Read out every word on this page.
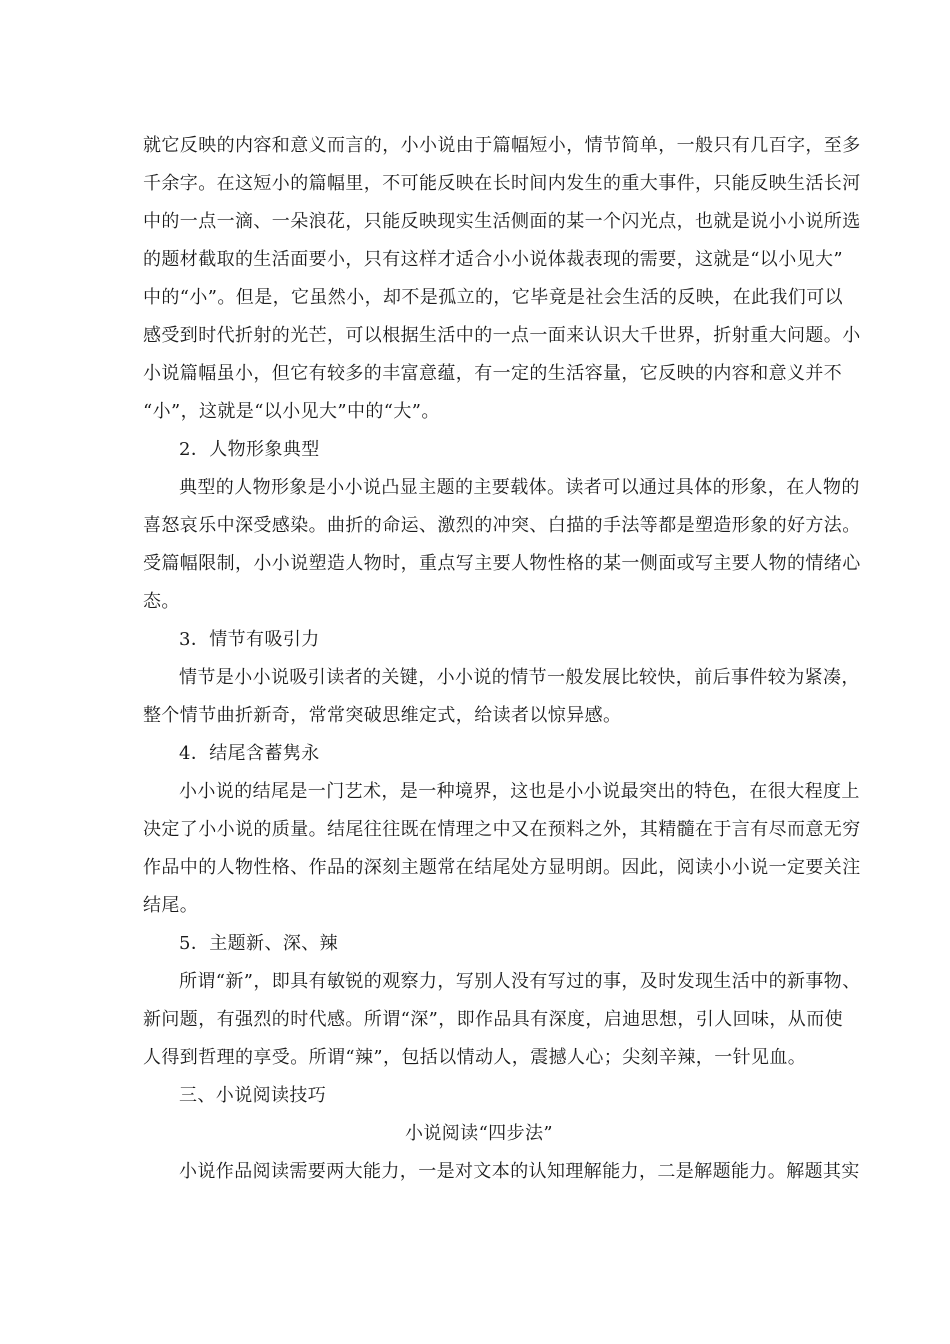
就它反映的内容和意义而言的，小小说由于篇幅短小，情节简单，一般只有几百字，至多
千余字。在这短小的篇幅里，不可能反映在长时间内发生的重大事件，只能反映生活长河
中的一点一滴、一朵浪花，只能反映现实生活侧面的某一个闪光点，也就是说小小说所选
的题材截取的生活面要小，只有这样才适合小小说体裁表现的需要，这就是“以小见大”
中的“小”。但是，它虽然小，却不是孤立的，它毕竟是社会生活的反映，在此我们可以
感受到时代折射的光芒，可以根据生活中的一点一面来认识大千世界，折射重大问题。小
小说篇幅虽小，但它有较多的丰富意蕴，有一定的生活容量，它反映的内容和意义并不
“小”，这就是“以小见大”中的“大”。
2．人物形象典型
典型的人物形象是小小说凸显主题的主要载体。读者可以通过具体的形象，在人物的
喜怒哀乐中深受感染。曲折的命运、激烈的冲突、白描的手法等都是塑造形象的好方法。
受篇幅限制，小小说塑造人物时，重点写主要人物性格的某一侧面或写主要人物的情绪心
态。
3．情节有吸引力
情节是小小说吸引读者的关键，小小说的情节一般发展比较快，前后事件较为紧凑，
整个情节曲折新奇，常常突破思维定式，给读者以惊异感。
4．结尾含蓄隽永
小小说的结尾是一门艺术，是一种境界，这也是小小说最突出的特色，在很大程度上
决定了小小说的质量。结尾往往既在情理之中又在预料之外，其精髓在于言有尽而意无穷
作品中的人物性格、作品的深刻主题常在结尾处方显明朗。因此，阅读小小说一定要关注
结尾。
5．主题新、深、辣
所谓“新”，即具有敏锐的观察力，写别人没有写过的事，及时发现生活中的新事物、
新问题，有强烈的时代感。所谓“深”，即作品具有深度，启迪思想，引人回味，从而使
人得到哲理的享受。所谓“辣”，包括以情动人，震撼人心；尖刻辛辣，一针见血。
三、小说阅读技巧
小说阅读“四步法”
小说作品阅读需要两大能力，一是对文本的认知理解能力，二是解题能力。解题其实
